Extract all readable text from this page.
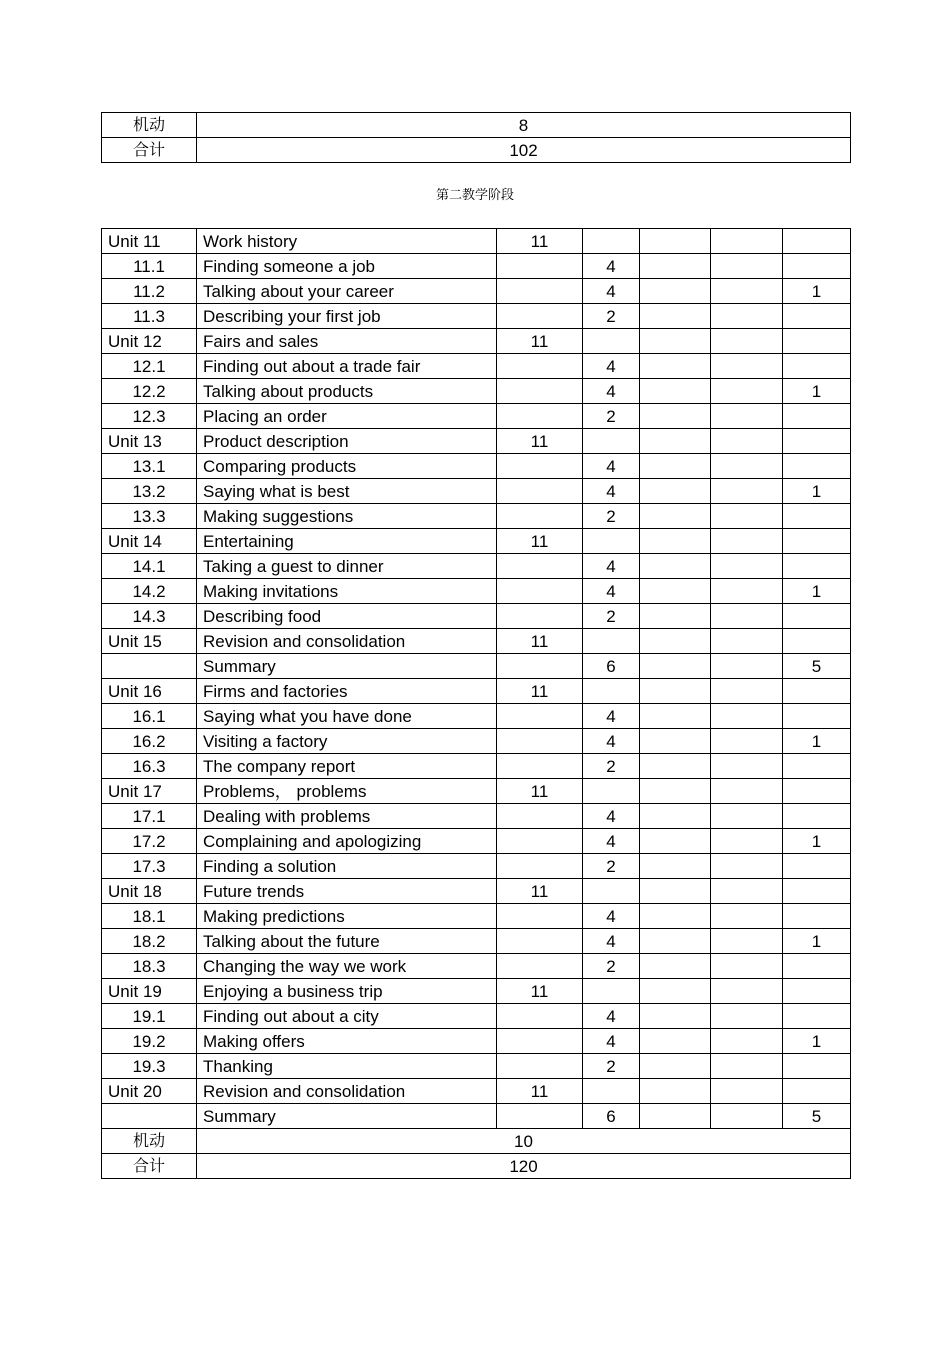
机动	8
合计	102
第二教学阶段
Unit 11	Work history	11				
11.1	Finding someone a job		4			
11.2	Talking about your career		4			1
11.3	Describing your first job		2			
Unit 12	Fairs and sales	11				
12.1	Finding out about a trade fair		4			
12.2	Talking about products		4			1
12.3	Placing an order		2			
Unit 13	Product description	11				
13.1	Comparing products		4			
13.2	Saying what is best		4			1
13.3	Making suggestions		2			
Unit 14	Entertaining	11				
14.1	Taking a guest to dinner		4			
14.2	Making invitations		4			1
14.3	Describing food		2			
Unit 15	Revision and consolidation	11				
	Summary		6			5
Unit 16	Firms and factories	11				
16.1	Saying what you have done		4			
16.2	Visiting a factory		4			1
16.3	The company report		2			
Unit 17	Problems， problems	11				
17.1	Dealing with problems		4			
17.2	Complaining and apologizing		4			1
17.3	Finding a solution		2			
Unit 18	Future trends	11				
18.1	Making predictions		4			
18.2	Talking about the future		4			1
18.3	Changing the way we work		2			
Unit 19	Enjoying a business trip	11				
19.1	Finding out about a city		4			
19.2	Making offers		4			1
19.3	Thanking		2			
Unit 20	Revision and consolidation	11				
	Summary		6			5
机动	10					
合计	120					
